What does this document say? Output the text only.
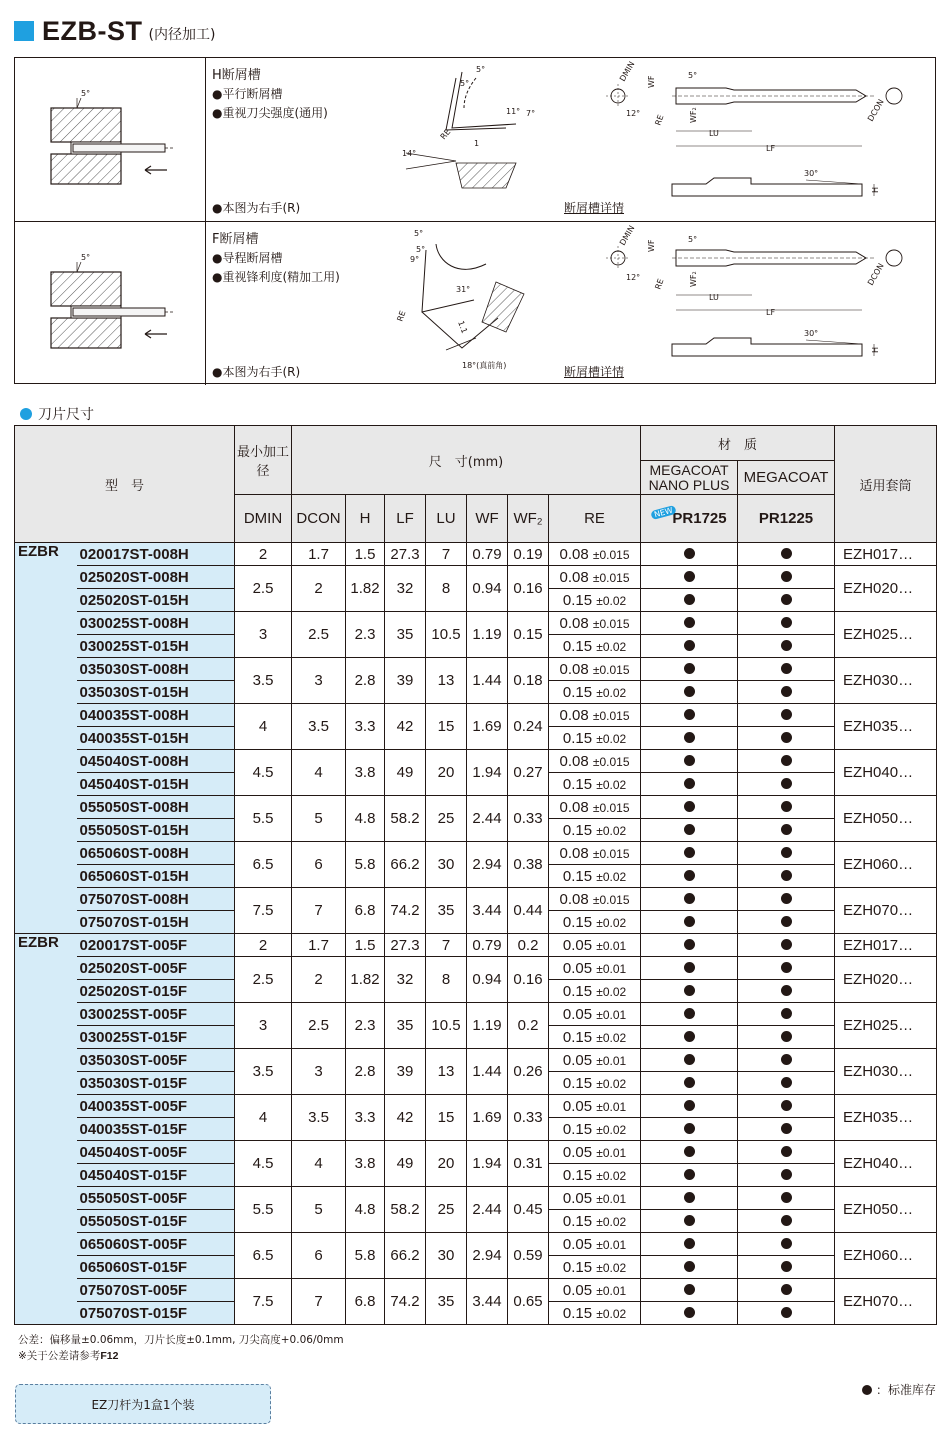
EZB-ST (内径加工)
5°
H断屑槽
●平行断屑槽
●重视刀尖强度(通用)
●本图为右手(R)	断屑槽详情
5°
5°
11° 7°
14°
1
RE
DMIN
12°
RE
WF
WF₂
5°
LU
LF
DCON
30°
H
5°
F断屑槽
●导程断屑槽
●重视锋利度(精加工用)
●本图为右手(R)	断屑槽详情
5°
5°
9°
31°
1.1
RE
18°(真前角)
DMIN
12°
RE
WF
WF₂
5°
LU
LF
DCON
30°
H
刀片尺寸
型　号		最小加工径	尺　寸(mm)							材　质		适用套筒
										MEGACOAT NANO PLUS	MEGACOAT	
		DMIN	DCON	H	LF	LU	WF	WF₂	RE	NEWPR1725	PR1225	
EZBR	020017ST-008H	2	1.7	1.5	27.3	7	0.79	0.19	0.08 ±0.015			EZH017…
	025020ST-008H	2.5	2	1.82	32	8	0.94	0.16	0.08 ±0.015			EZH020…
	025020ST-015H								0.15 ±0.02			
	030025ST-008H	3	2.5	2.3	35	10.5	1.19	0.15	0.08 ±0.015			EZH025…
	030025ST-015H								0.15 ±0.02			
	035030ST-008H	3.5	3	2.8	39	13	1.44	0.18	0.08 ±0.015			EZH030…
	035030ST-015H								0.15 ±0.02			
	040035ST-008H	4	3.5	3.3	42	15	1.69	0.24	0.08 ±0.015			EZH035…
	040035ST-015H								0.15 ±0.02			
	045040ST-008H	4.5	4	3.8	49	20	1.94	0.27	0.08 ±0.015			EZH040…
	045040ST-015H								0.15 ±0.02			
	055050ST-008H	5.5	5	4.8	58.2	25	2.44	0.33	0.08 ±0.015			EZH050…
	055050ST-015H								0.15 ±0.02			
	065060ST-008H	6.5	6	5.8	66.2	30	2.94	0.38	0.08 ±0.015			EZH060…
	065060ST-015H								0.15 ±0.02			
	075070ST-008H	7.5	7	6.8	74.2	35	3.44	0.44	0.08 ±0.015			EZH070…
	075070ST-015H								0.15 ±0.02			
EZBR	020017ST-005F	2	1.7	1.5	27.3	7	0.79	0.2	0.05 ±0.01			EZH017…
	025020ST-005F	2.5	2	1.82	32	8	0.94	0.16	0.05 ±0.01			EZH020…
	025020ST-015F								0.15 ±0.02			
	030025ST-005F	3	2.5	2.3	35	10.5	1.19	0.2	0.05 ±0.01			EZH025…
	030025ST-015F								0.15 ±0.02			
	035030ST-005F	3.5	3	2.8	39	13	1.44	0.26	0.05 ±0.01			EZH030…
	035030ST-015F								0.15 ±0.02			
	040035ST-005F	4	3.5	3.3	42	15	1.69	0.33	0.05 ±0.01			EZH035…
	040035ST-015F								0.15 ±0.02			
	045040ST-005F	4.5	4	3.8	49	20	1.94	0.31	0.05 ±0.01			EZH040…
	045040ST-015F								0.15 ±0.02			
	055050ST-005F	5.5	5	4.8	58.2	25	2.44	0.45	0.05 ±0.01			EZH050…
	055050ST-015F								0.15 ±0.02			
	065060ST-005F	6.5	6	5.8	66.2	30	2.94	0.59	0.05 ±0.01			EZH060…
	065060ST-015F								0.15 ±0.02			
	075070ST-005F	7.5	7	6.8	74.2	35	3.44	0.65	0.05 ±0.01			EZH070…
	075070ST-015F								0.15 ±0.02			
公差：偏移量±0.06mm，刀片长度±0.1mm, 刀尖高度+0.06/0mm
※关于公差请参考F12
EZ刀杆为1盒1个装
：标准库存
